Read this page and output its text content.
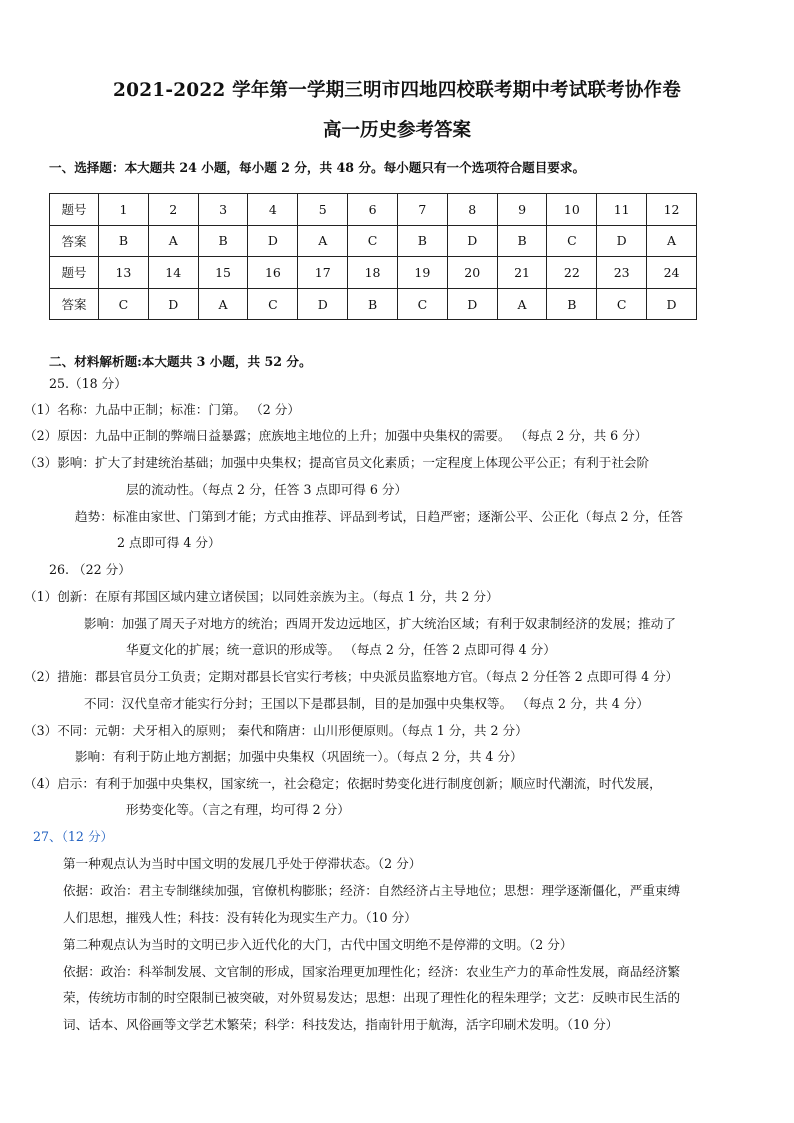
2021-2022 学年第一学期三明市四地四校联考期中考试联考协作卷
高一历史参考答案
一、选择题：本大题共 24 小题，每小题 2 分，共 48 分。每小题只有一个选项符合题目要求。
题号	1	2	3	4	5	6	7	8	9	10	11	12
答案	B	A	B	D	A	C	B	D	B	C	D	A
题号	13	14	15	16	17	18	19	20	21	22	23	24
答案	C	D	A	C	D	B	C	D	A	B	C	D
二、材料解析题:本大题共 3 小题，共 52 分。
25.（18 分）
（1）名称：九品中正制；标准：门第。 （2 分）
（2）原因：九品中正制的弊端日益暴露；庶族地主地位的上升；加强中央集权的需要。 （每点 2 分，共 6 分）
（3）影响：扩大了封建统治基础；加强中央集权；提高官员文化素质；一定程度上体现公平公正；有利于社会阶
层的流动性。（每点 2 分，任答 3 点即可得 6 分）
趋势：标准由家世、门第到才能；方式由推荐、评品到考试，日趋严密；逐渐公平、公正化（每点 2 分，任答
2 点即可得 4 分）
26. （22 分）
（1）创新：在原有邦国区域内建立诸侯国；以同姓亲族为主。（每点 1 分，共 2 分）
影响：加强了周天子对地方的统治；西周开发边远地区，扩大统治区域；有利于奴隶制经济的发展；推动了
华夏文化的扩展；统一意识的形成等。 （每点 2 分，任答 2 点即可得 4 分）
（2）措施：郡县官员分工负责；定期对郡县长官实行考核；中央派员监察地方官。（每点 2 分任答 2 点即可得 4 分）
不同：汉代皇帝才能实行分封；王国以下是郡县制，目的是加强中央集权等。 （每点 2 分，共 4 分）
（3）不同：元朝：犬牙相入的原则； 秦代和隋唐：山川形便原则。（每点 1 分，共 2 分）
影响：有利于防止地方割据；加强中央集权（巩固统一）。（每点 2 分，共 4 分）
（4）启示：有利于加强中央集权，国家统一，社会稳定；依据时势变化进行制度创新；顺应时代潮流，时代发展，
形势变化等。（言之有理，均可得 2 分）
27、（12 分）
第一种观点认为当时中国文明的发展几乎处于停滞状态。（2 分）
依据：政治：君主专制继续加强，官僚机构膨胀；经济：自然经济占主导地位；思想：理学逐渐僵化，严重束缚
人们思想，摧残人性；科技：没有转化为现实生产力。（10 分）
第二种观点认为当时的文明已步入近代化的大门，古代中国文明绝不是停滞的文明。（2 分）
依据：政治：科举制发展、文官制的形成，国家治理更加理性化；经济：农业生产力的革命性发展，商品经济繁
荣，传统坊市制的时空限制已被突破，对外贸易发达；思想：出现了理性化的程朱理学；文艺：反映市民生活的
词、话本、风俗画等文学艺术繁荣；科学：科技发达，指南针用于航海，活字印刷术发明。（10 分）
